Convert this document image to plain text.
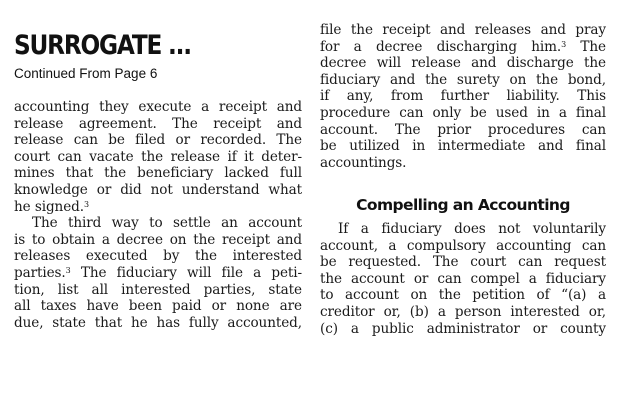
SURROGATE ...
Continued From Page 6
accounting they execute a receipt and
release agreement. The receipt and
release can be filed or recorded. The
court can vacate the release if it deter-
mines that the beneficiary lacked full
knowledge or did not understand what
he signed.$^3$
The third way to settle an account
is to obtain a decree on the receipt and
releases executed by the interested
parties.$^3$ The fiduciary will file a peti-
tion, list all interested parties, state
all taxes have been paid or none are
due, state that he has fully accounted,
file the receipt and releases and pray
for a decree discharging him.$^3$ The
decree will release and discharge the
fiduciary and the surety on the bond,
if any, from further liability. This
procedure can only be used in a final
account. The prior procedures can
be utilized in intermediate and final
accountings.
Compelling an Accounting
If a fiduciary does not voluntarily
account, a compulsory accounting can
be requested. The court can request
the account or can compel a fiduciary
to account on the petition of “(a) a
creditor or, (b) a person interested or,
(c) a public administrator or county
